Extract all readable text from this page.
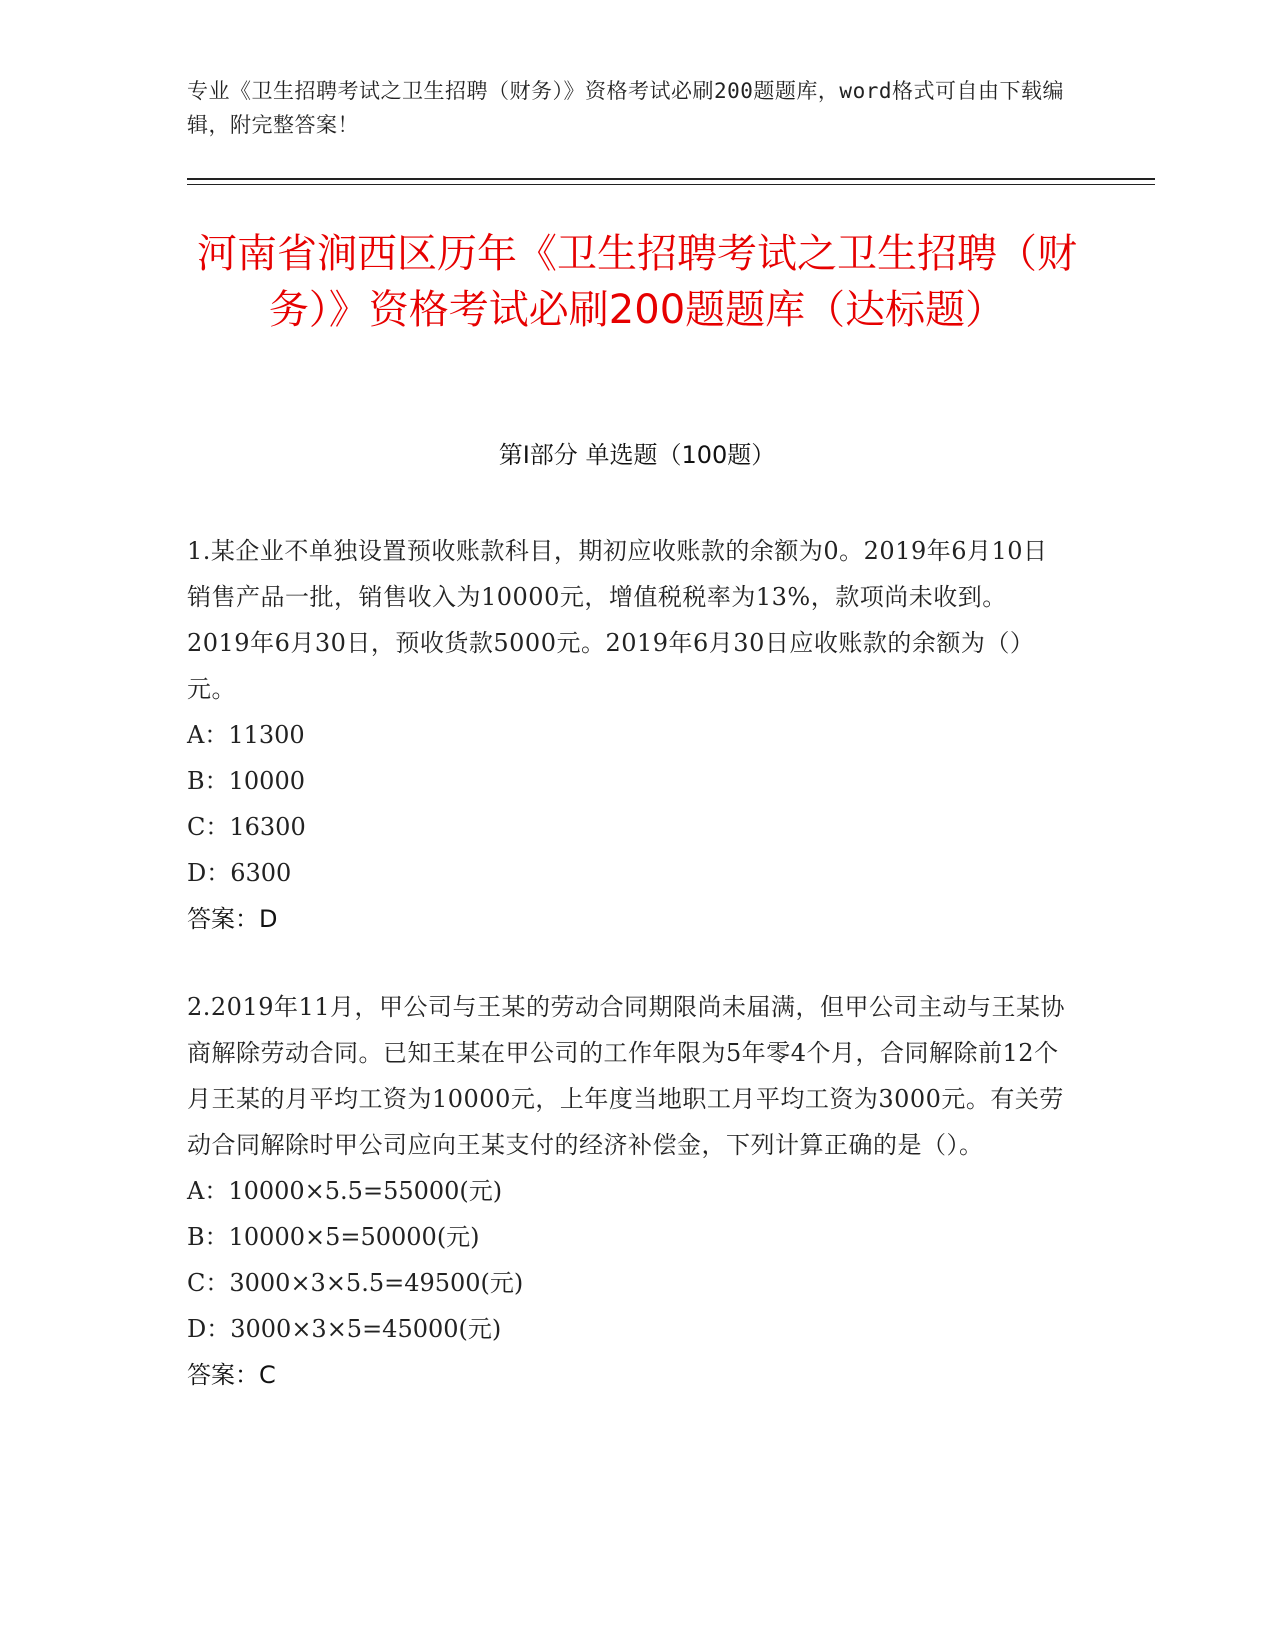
专业《卫生招聘考试之卫生招聘（财务）》资格考试必刷200题题库，word格式可自由下载编辑，附完整答案！
河南省涧西区历年《卫生招聘考试之卫生招聘（财务）》资格考试必刷200题题库（达标题）
第I部分 单选题（100题）
1.某企业不单独设置预收账款科目，期初应收账款的余额为0。2019年6月10日销售产品一批，销售收入为10000元，增值税税率为13%，款项尚未收到。2019年6月30日，预收货款5000元。2019年6月30日应收账款的余额为（）元。
A：11300
B：10000
C：16300
D：6300
答案：D
2.2019年11月，甲公司与王某的劳动合同期限尚未届满，但甲公司主动与王某协商解除劳动合同。已知王某在甲公司的工作年限为5年零4个月，合同解除前12个月王某的月平均工资为10000元，上年度当地职工月平均工资为3000元。有关劳动合同解除时甲公司应向王某支付的经济补偿金，下列计算正确的是（）。
A：10000×5.5=55000(元)
B：10000×5=50000(元)
C：3000×3×5.5=49500(元)
D：3000×3×5=45000(元)
答案：C
